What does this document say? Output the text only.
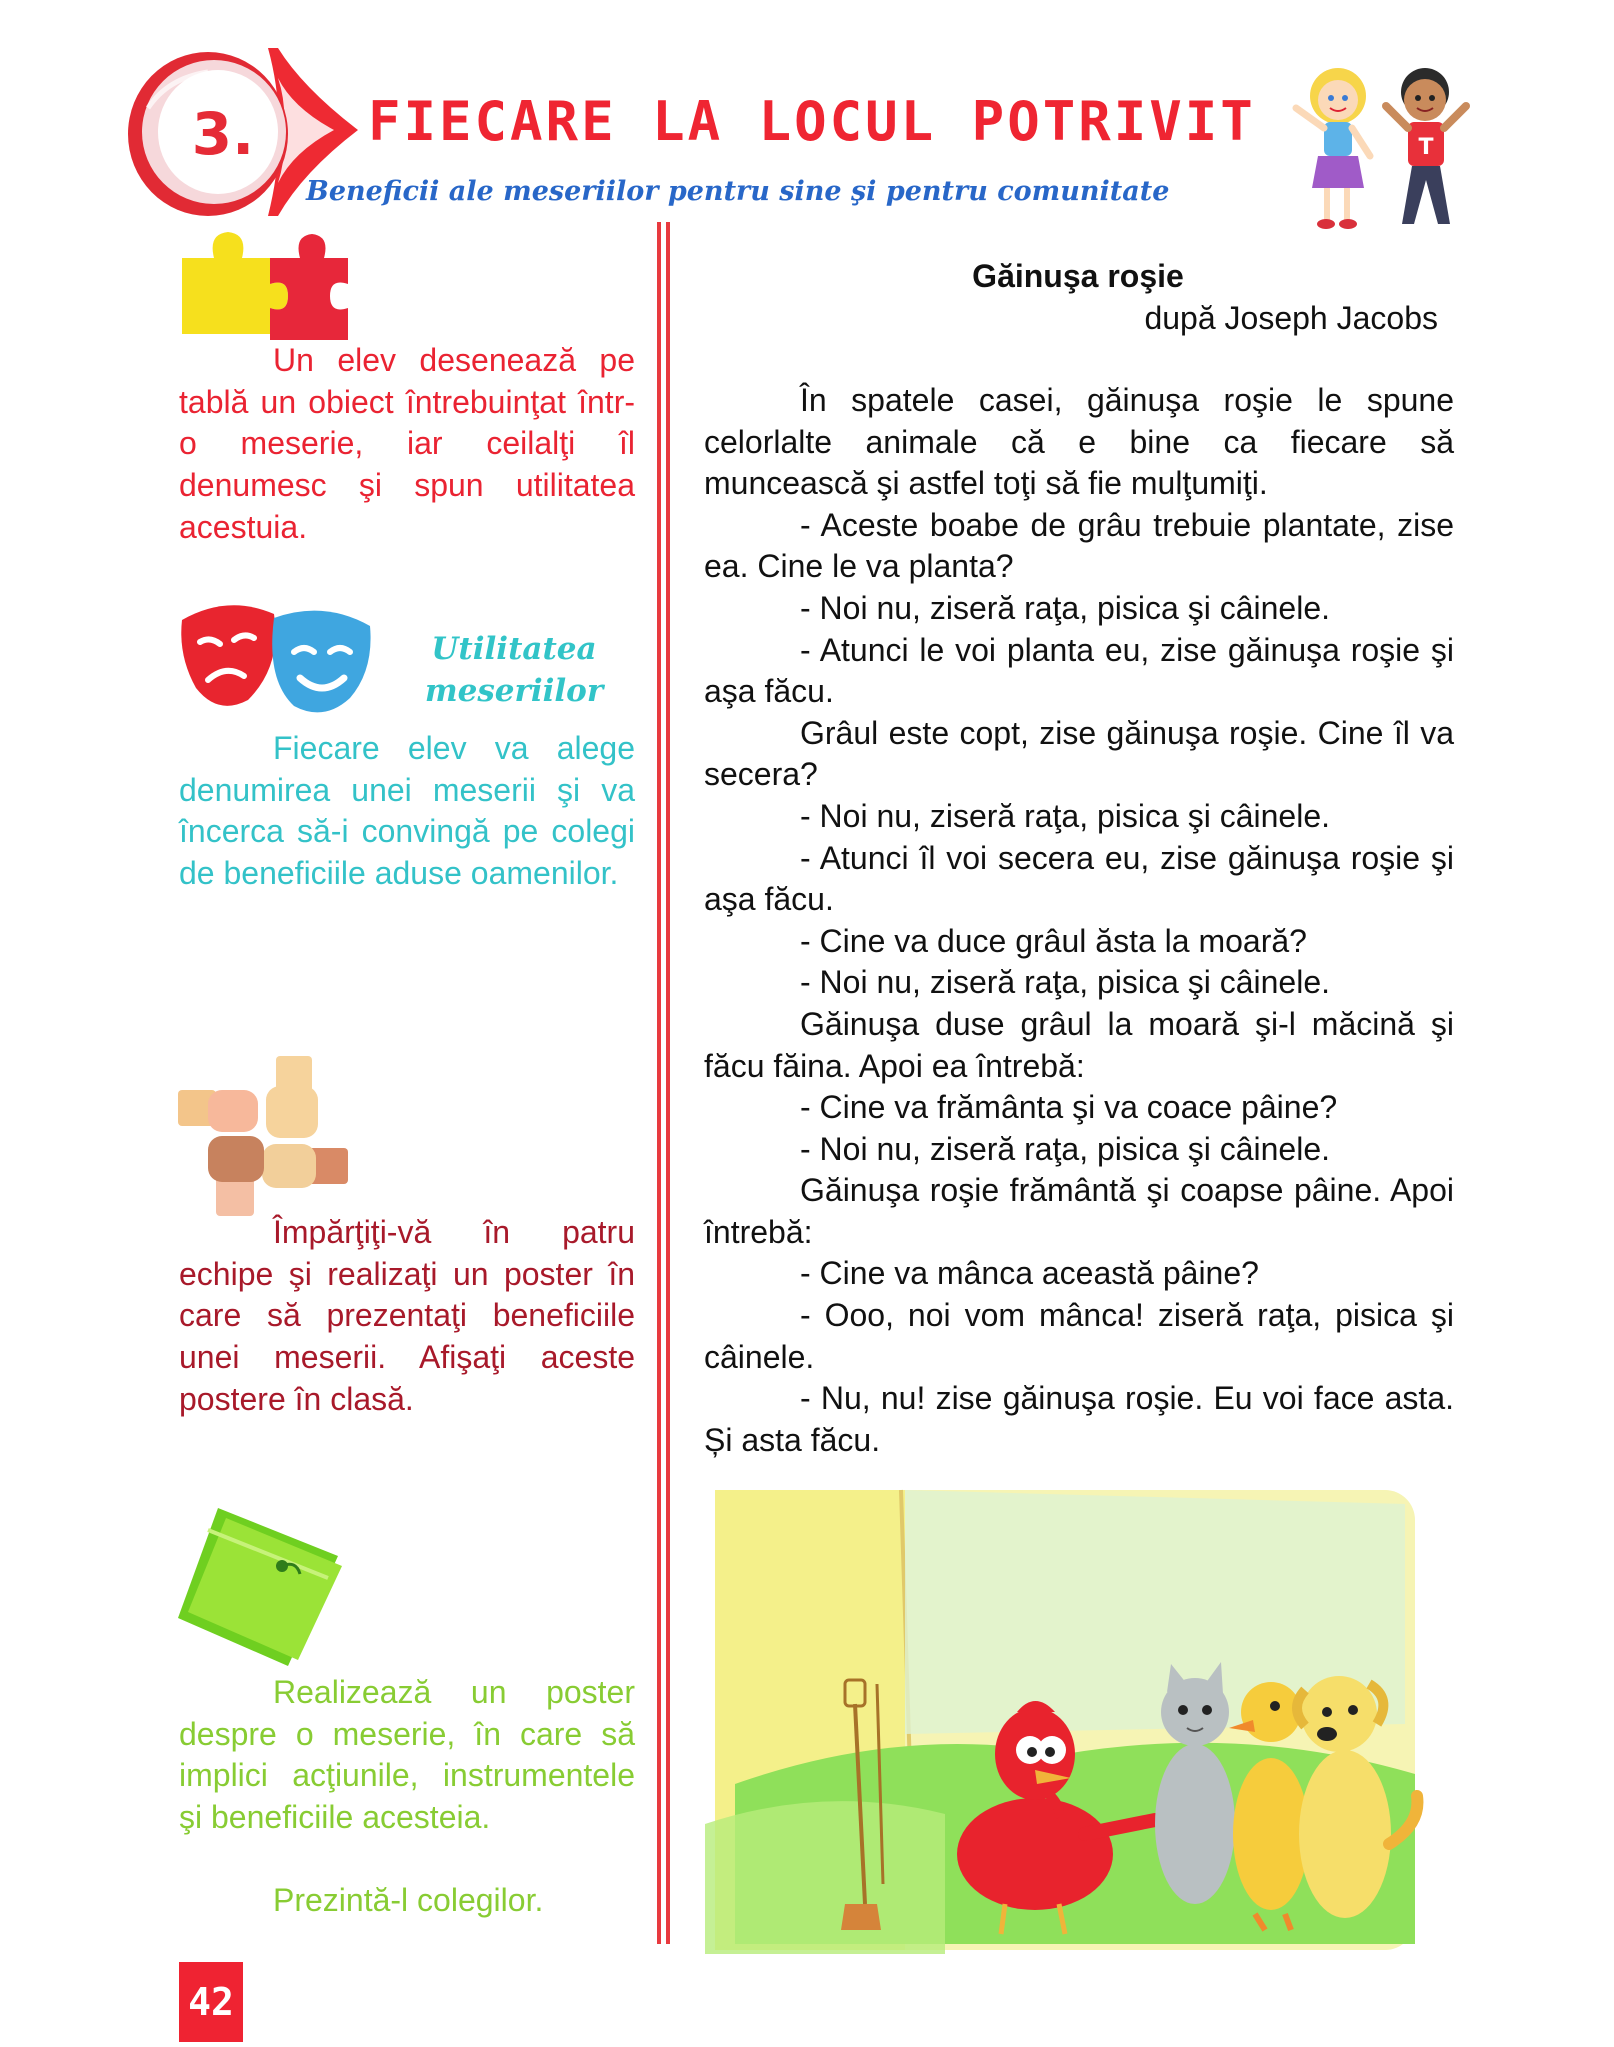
3. FIECARE LA LOCUL POTRIVIT
Beneficii ale meseriilor pentru sine şi pentru comunitate
T

Un elev desenează pe tablă un obiect întrebuinţat într-o meserie, iar ceilalţi îl denumesc şi spun utilitatea acestuia.

Utilitatea
meseriilor

Fiecare elev va alege denumirea unei meserii şi va încerca să-i convingă pe colegi de beneficiile aduse oamenilor.

Împărţiţi-vă în patru echipe şi realizaţi un poster în care să prezentaţi beneficiile unei meserii. Afişaţi aceste postere în clasă.

Realizează un poster despre o meserie, în care să implici acţiunile, instrumentele şi beneficiile acesteia.

Prezintă-l colegilor.

Găinuşa roşie
după Joseph Jacobs

În spatele casei, găinuşa roşie le spune celorlalte animale că e bine ca fiecare să muncească şi astfel toţi să fie mulţumiţi.

- Aceste boabe de grâu trebuie plantate, zise ea. Cine le va planta?

- Noi nu, ziseră raţa, pisica şi câinele.

- Atunci le voi planta eu, zise găinuşa roşie şi aşa făcu.

Grâul este copt, zise găinuşa roşie. Cine îl va secera?

- Noi nu, ziseră raţa, pisica şi câinele.

- Atunci îl voi secera eu, zise găinuşa roşie şi aşa făcu.

- Cine va duce grâul ăsta la moară?

- Noi nu, ziseră raţa, pisica şi câinele.

Găinuşa duse grâul la moară şi-l măcină şi făcu făina. Apoi ea întrebă:

- Cine va frământa şi va coace pâine?

- Noi nu, ziseră raţa, pisica şi câinele.

Găinuşa roşie frământă şi coapse pâine. Apoi întrebă:

- Cine va mânca această pâine?

- Ooo, noi vom mânca! ziseră raţa, pisica şi câinele.

- Nu, nu! zise găinuşa roşie. Eu voi face asta. Și asta făcu.

42
